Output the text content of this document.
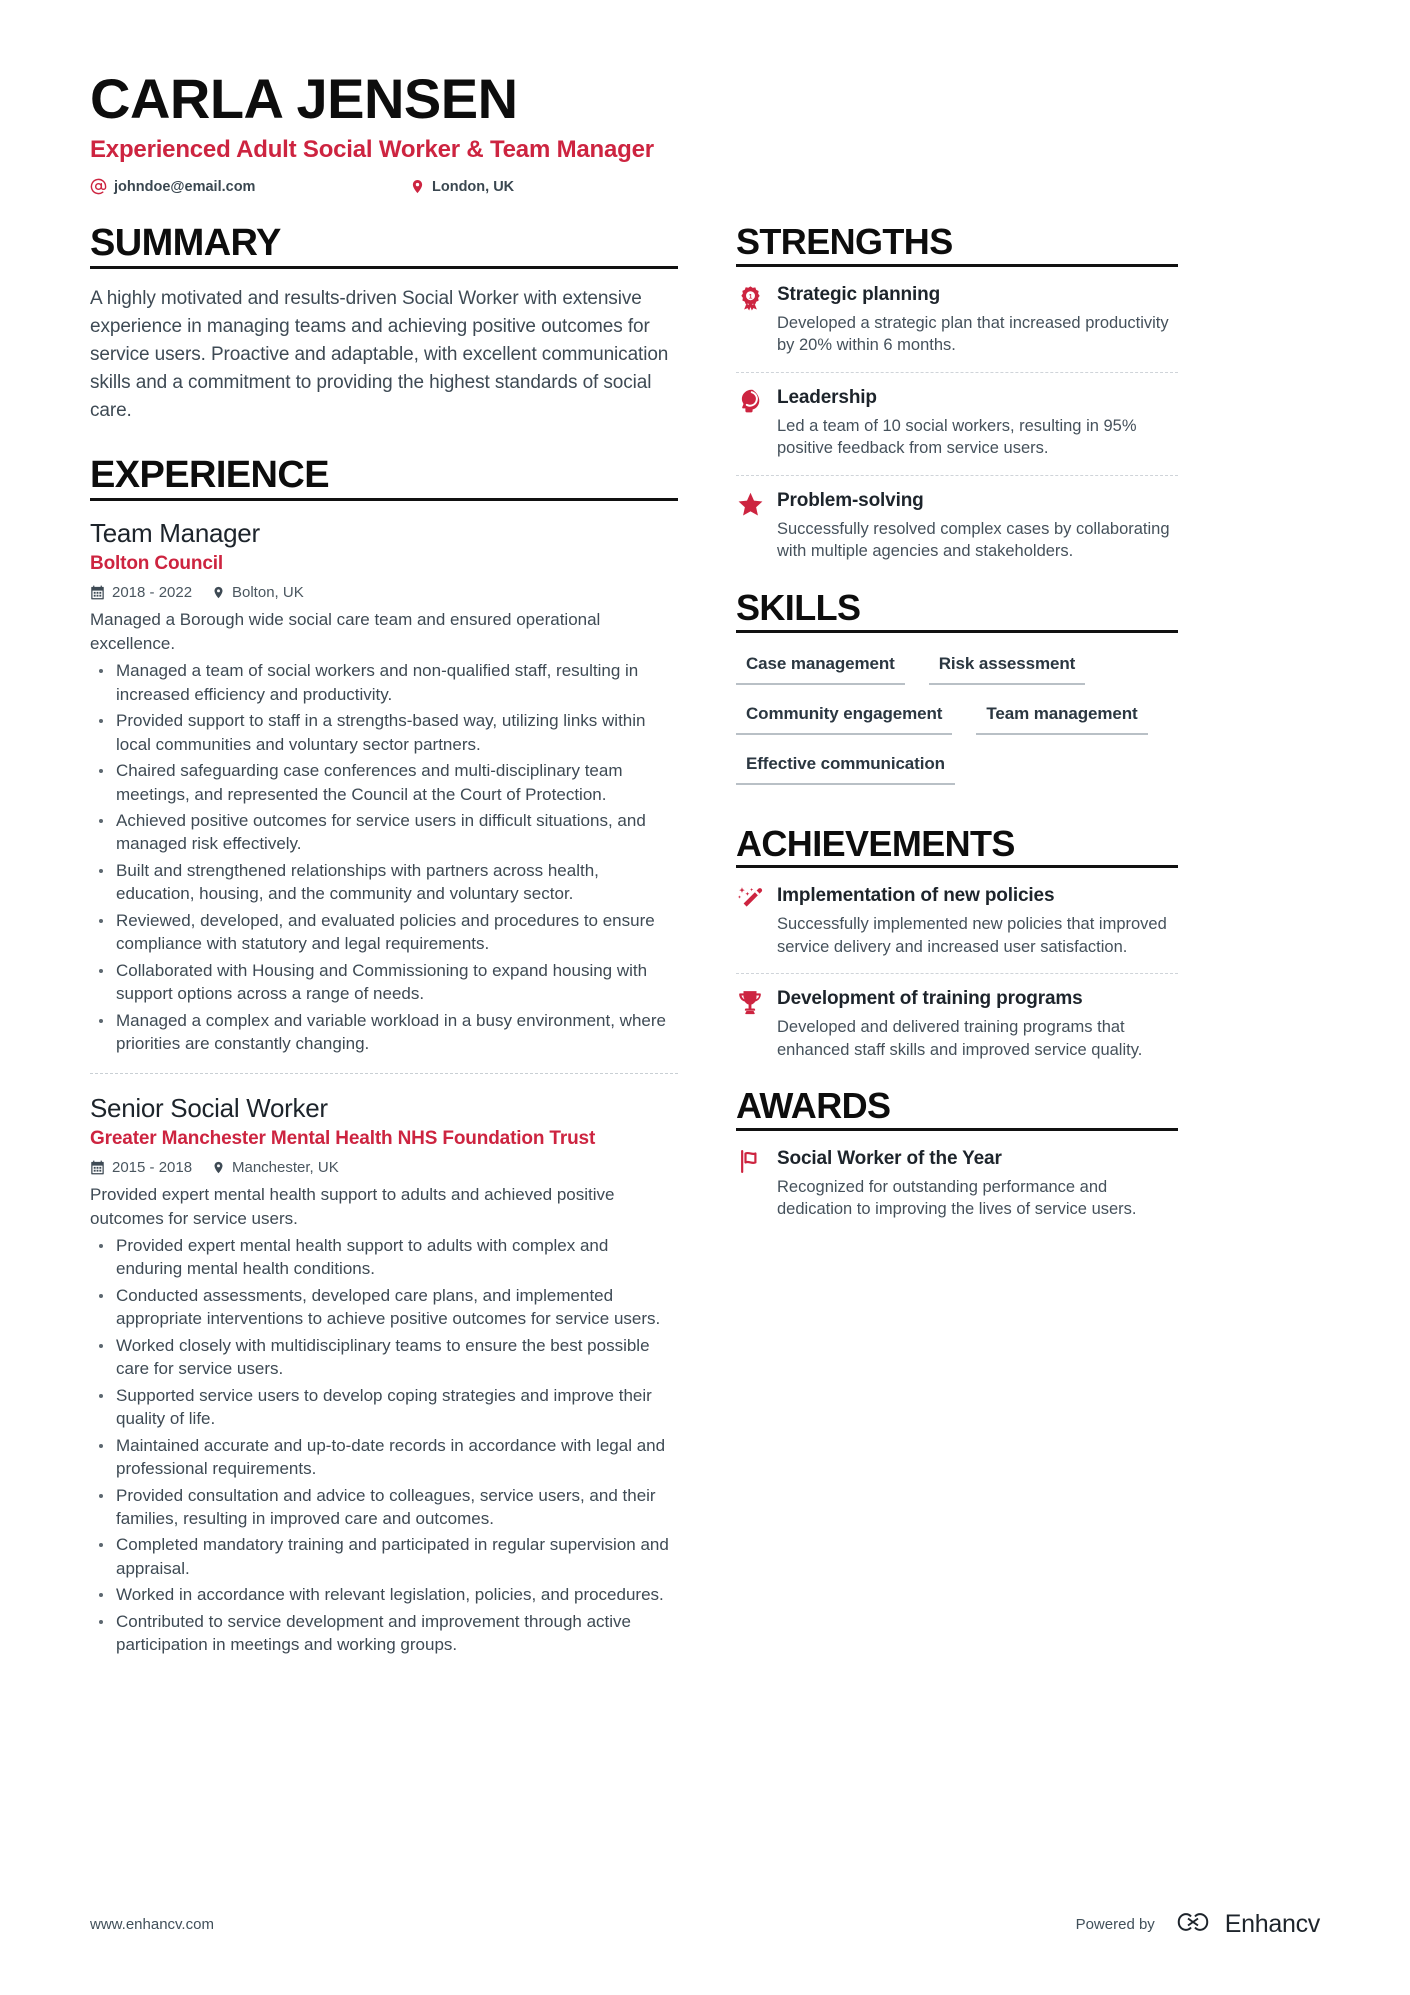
CARLA JENSEN
Experienced Adult Social Worker & Team Manager
johndoe@email.com	London, UK
SUMMARY
A highly motivated and results-driven Social Worker with extensive experience in managing teams and achieving positive outcomes for service users. Proactive and adaptable, with excellent communication skills and a commitment to providing the highest standards of social care.
EXPERIENCE
Team Manager
Bolton Council
2018 - 2022	Bolton, UK
Managed a Borough wide social care team and ensured operational excellence.
Managed a team of social workers and non-qualified staff, resulting in increased efficiency and productivity.
Provided support to staff in a strengths-based way, utilizing links within local communities and voluntary sector partners.
Chaired safeguarding case conferences and multi-disciplinary team meetings, and represented the Council at the Court of Protection.
Achieved positive outcomes for service users in difficult situations, and managed risk effectively.
Built and strengthened relationships with partners across health, education, housing, and the community and voluntary sector.
Reviewed, developed, and evaluated policies and procedures to ensure compliance with statutory and legal requirements.
Collaborated with Housing and Commissioning to expand housing with support options across a range of needs.
Managed a complex and variable workload in a busy environment, where priorities are constantly changing.
Senior Social Worker
Greater Manchester Mental Health NHS Foundation Trust
2015 - 2018	Manchester, UK
Provided expert mental health support to adults and achieved positive outcomes for service users.
Provided expert mental health support to adults with complex and enduring mental health conditions.
Conducted assessments, developed care plans, and implemented appropriate interventions to achieve positive outcomes for service users.
Worked closely with multidisciplinary teams to ensure the best possible care for service users.
Supported service users to develop coping strategies and improve their quality of life.
Maintained accurate and up-to-date records in accordance with legal and professional requirements.
Provided consultation and advice to colleagues, service users, and their families, resulting in improved care and outcomes.
Completed mandatory training and participated in regular supervision and appraisal.
Worked in accordance with relevant legislation, policies, and procedures.
Contributed to service development and improvement through active participation in meetings and working groups.
STRENGTHS
1 Strategic planning
Developed a strategic plan that increased productivity by 20% within 6 months.
Leadership
Led a team of 10 social workers, resulting in 95% positive feedback from service users.
Problem-solving
Successfully resolved complex cases by collaborating with multiple agencies and stakeholders.
SKILLS
Case management	Risk assessment
Community engagement	Team management
Effective communication
ACHIEVEMENTS
Implementation of new policies
Successfully implemented new policies that improved service delivery and increased user satisfaction.
Development of training programs
Developed and delivered training programs that enhanced staff skills and improved service quality.
AWARDS
Social Worker of the Year
Recognized for outstanding performance and dedication to improving the lives of service users.
www.enhancv.com	Powered by	Enhancv
